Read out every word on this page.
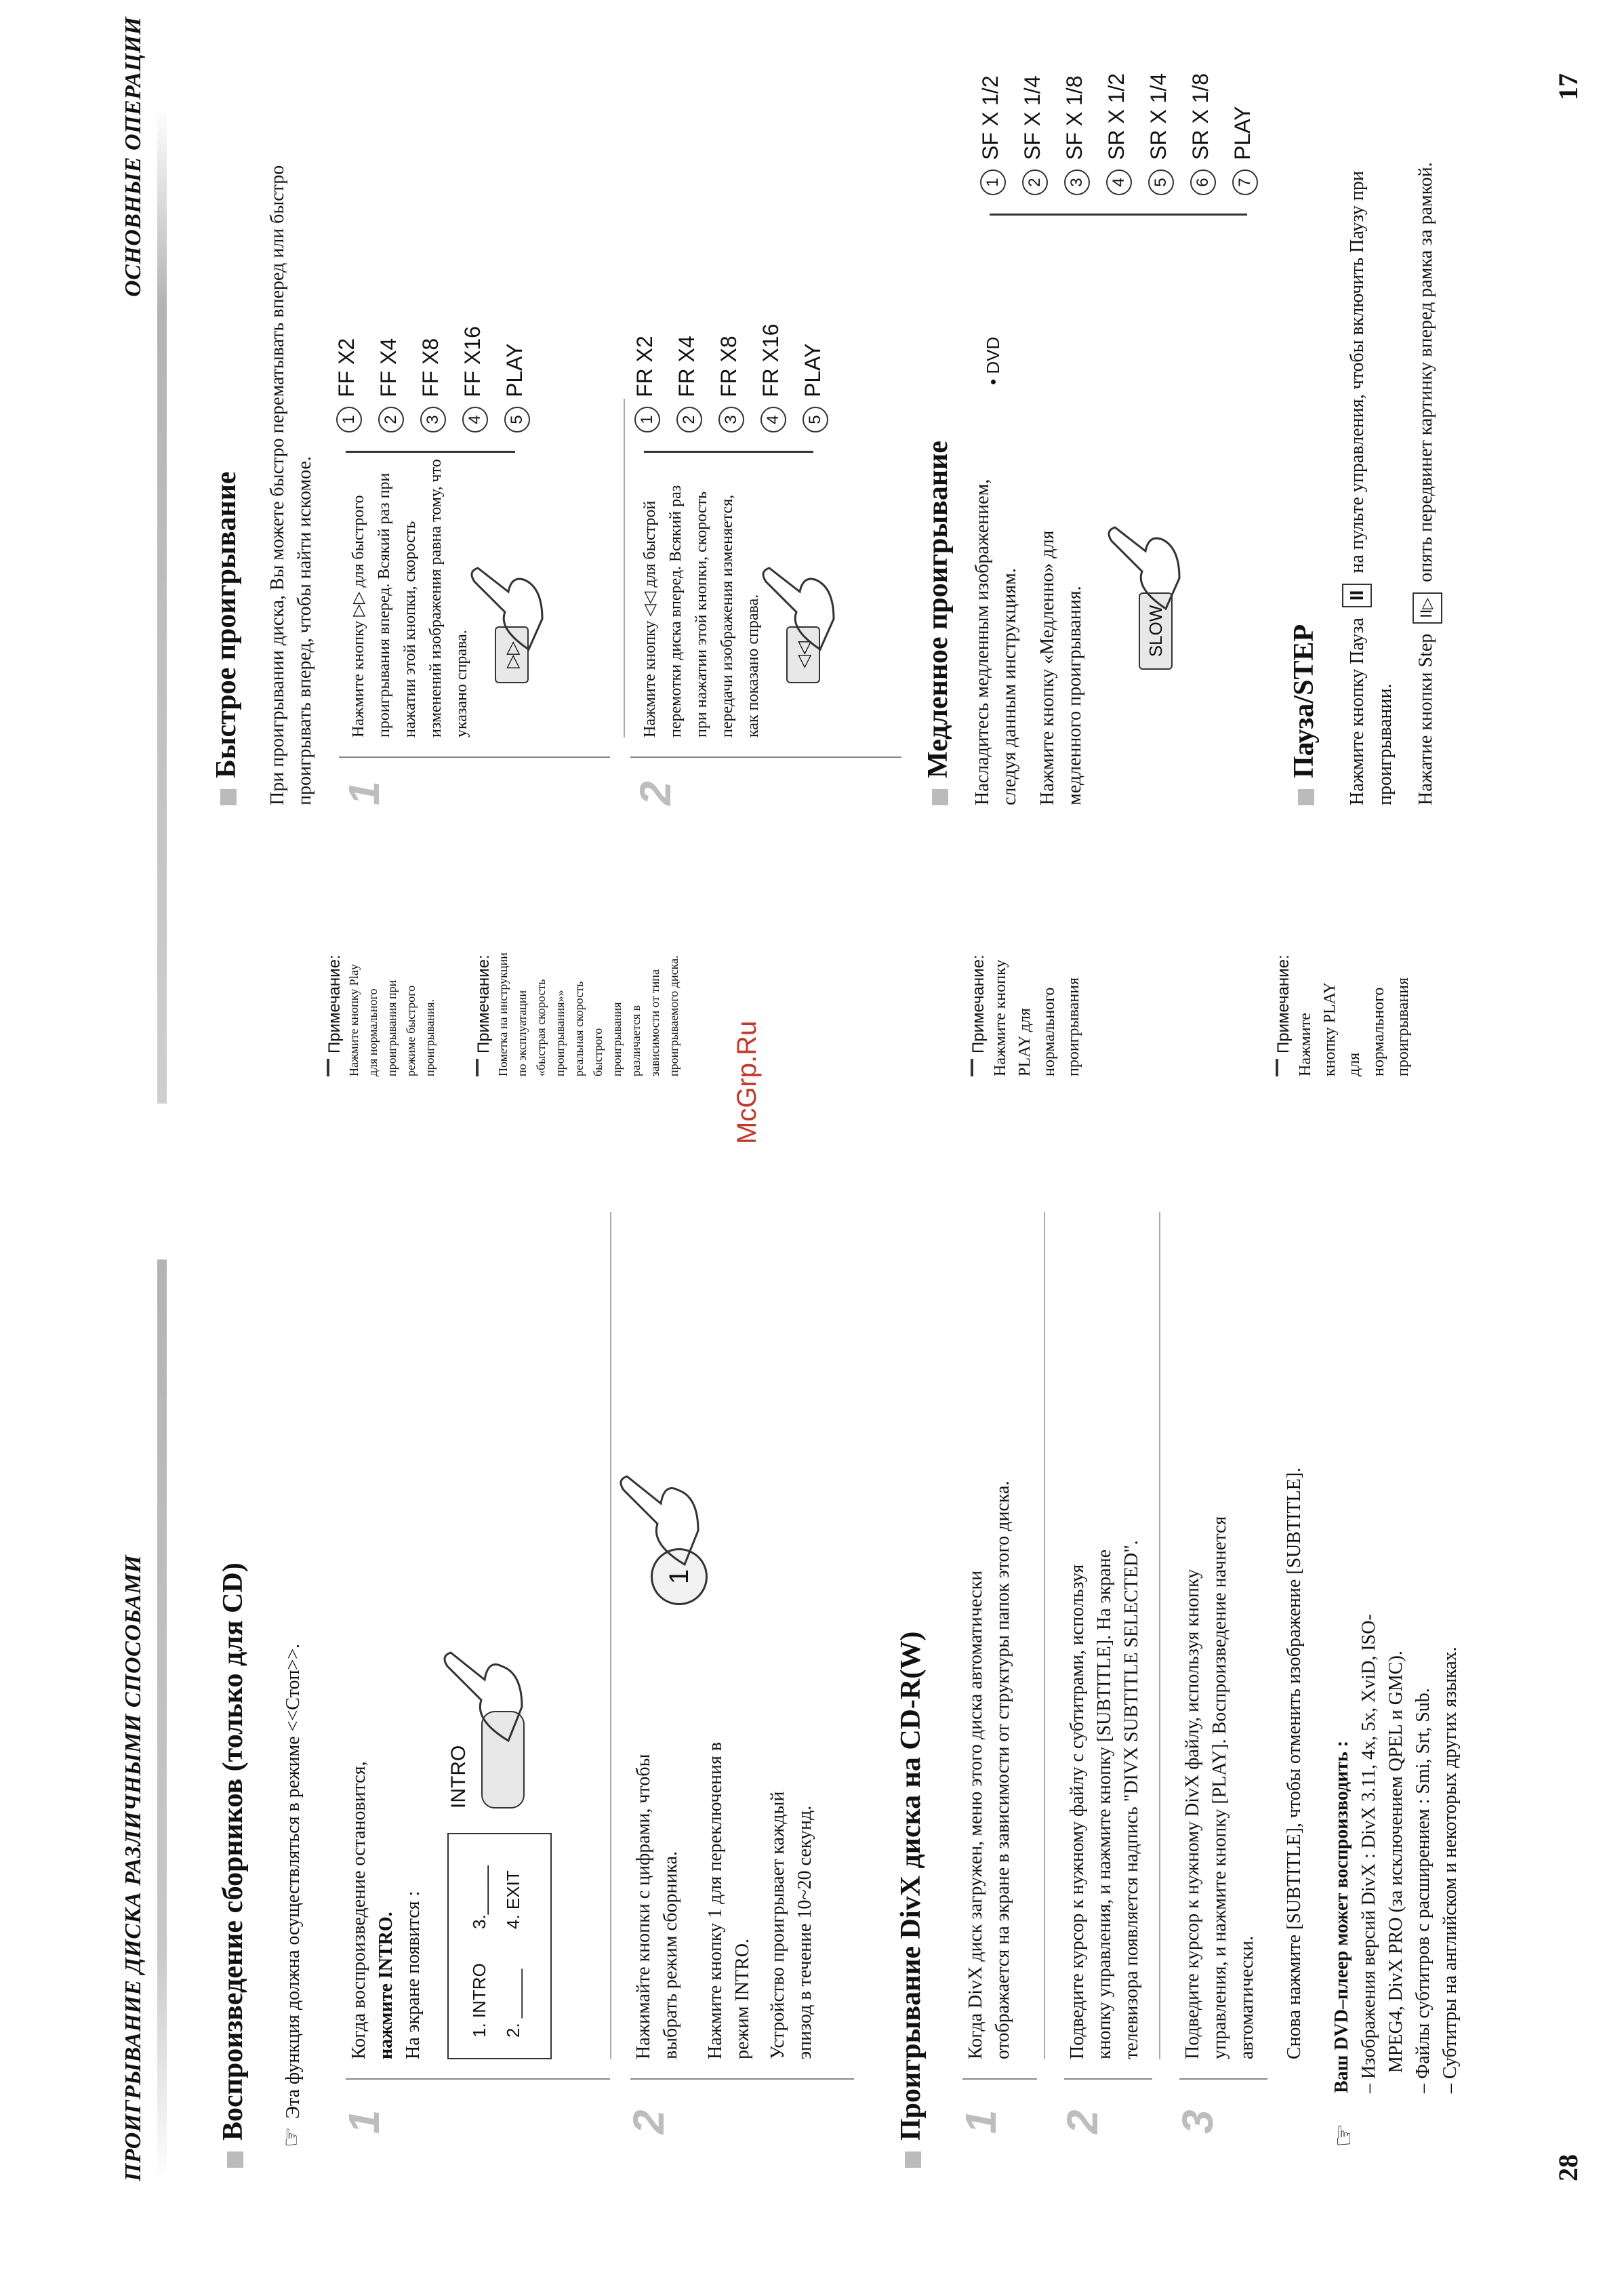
ПРОИГРЫВАНИЕ ДИСКА РАЗЛИЧНЫМИ СПОСОБАМИ	Воспроизведение сборников (только для CD) ☞Эта функция должна осуществляться в режиме <<Стоп>>.
1
Когда воспроизведение остановится, нажмите INTRO. На экране появится :	1. INTRO 2. _____
3._____ 4. EXIT
INTRO
2
Нажимайте кнопки с цифрами, чтобы выбрать режим сборника. Нажмите кнопку 1 для переключения в режим INTRO. Устройство проигрывает каждый эпизод в течение 10~20 секунд.
1
Проигрывание DivX диска на CD-R(W) 1
Когда DivX диск загружен, меню этого диска автоматически отображается на экране в зависимости от структуры папок этого диска.
2
Подведите курсор к нужному файлу с субтитрами, используя кнопку управления, и нажмите кнопку [SUBTITLE]. На экране телевизора появляется надпись "DIVX SUBTITLE SELECTED".
3
Подведите курсор к нужному DivX файлу, используя кнопку управления, и нажмите кнопку [PLAY]. Воспроизведение начнется автоматически. Снова нажмите [SUBTITLE], чтобы отменить изображение [SUBTITLE].
☞
Ваш DVD–плеер может воспроизводить : – Изображения версий DivX : DivX 3.11, 4x, 5x, XviD, ISO- MPEG4, DivX PRO (за исключением QPEL и GMC). – Файлы субтитров с расширением : Smi, Srt, Sub. – Субтитры на английском и некоторых других языках.
28
McGrp.Ru
ОСНОВНЫЕ ОПЕРАЦИИ
Быстрое проигрывание При проигрывании диска, Вы можете быстро перематывать вперед или быстро проигрывать вперед, чтобы найти искомое.
Примечание: Нажмите кнопку Play для нормального проигрывания при режиме быстрого проигрывания. Примечание: Пометка на инструкции по эксплуатации «быстрая скорость проигрывания»» реальная скорость быстрого проигрывания различается в зависимости от типа проигрываемого диска.
1
Нажмите кнопку ▷▷ для быстрого проигрывания вперед. Всякий раз при нажатии этой кнопки, скорость изменений изображения равна тому, что указано справа.	▷▷
1FF X2
2FF X4
3FF X8
4FF X16
5PLAY
2
Нажмите кнопку ◁◁ для быстрой перемотки диска вперед. Всякий раз при нажатии этой кнопки, скорость передачи изображения изменяется, как показано справа.	◁◁
1FR X2
2FR X4
3FR X8
4FR X16
5PLAY
Медленное проигрывание
Примечание: Нажмите кнопку PLAY для нормального проигрывания
Насладитесь медленным изображением, следуя данным инструкциям. Нажмите кнопку «Медленно» для медленного проигрывания.	SLOW
• DVD
1SF X 1/2
2SF X 1/4
3SF X 1/8
4SR X 1/2
5SR X 1/4
6SR X 1/8
7PLAY
Пауза/STEP
Примечание: Нажмите кнопку PLAY для нормального проигрывания
Нажмите кнопку Пауза II на пульте управления, чтобы включить Паузу при
проигрывании. Нажатие кнопки Step II▷ опять передвинет картинку вперед рамка за рамкой.
17
